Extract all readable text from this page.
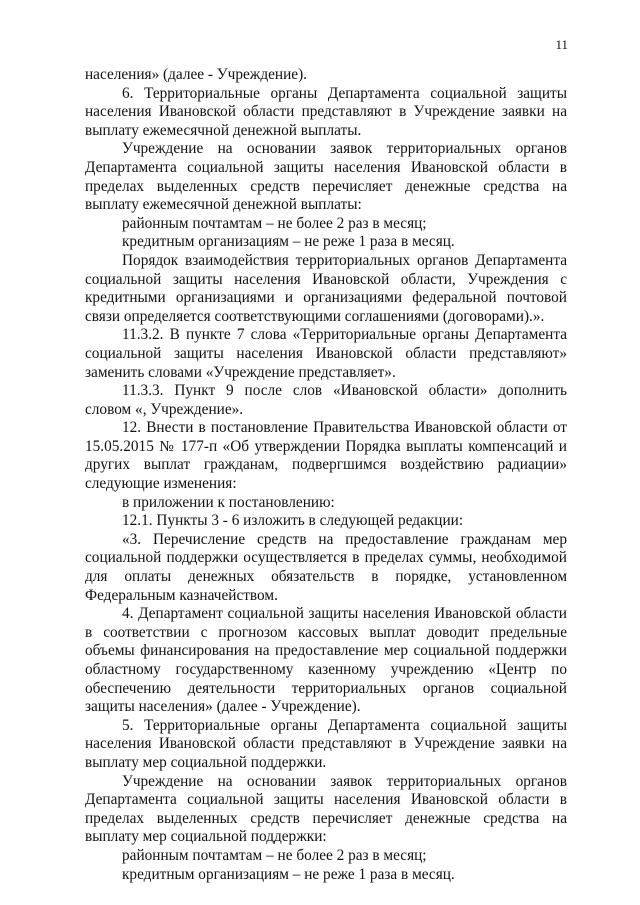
11

населения» (далее - Учреждение).

6. Территориальные органы Департамента социальной защиты населения Ивановской области представляют в Учреждение заявки на выплату ежемесячной денежной выплаты.

Учреждение на основании заявок территориальных органов Департамента социальной защиты населения Ивановской области в пределах выделенных средств перечисляет денежные средства на выплату ежемесячной денежной выплаты:

районным почтамтам – не более 2 раз в месяц;

кредитным организациям – не реже 1 раза в месяц.

Порядок взаимодействия территориальных органов Департамента социальной защиты населения Ивановской области, Учреждения с кредитными организациями и организациями федеральной почтовой связи определяется соответствующими соглашениями (договорами).».

11.3.2. В пункте 7 слова «Территориальные органы Департамента социальной защиты населения Ивановской области представляют» заменить словами «Учреждение представляет».

11.3.3. Пункт 9 после слов «Ивановской области» дополнить словом «, Учреждение».

12. Внести в постановление Правительства Ивановской области от 15.05.2015 № 177-п «Об утверждении Порядка выплаты компенсаций и других выплат гражданам, подвергшимся воздействию радиации» следующие изменения:

в приложении к постановлению:

12.1. Пункты 3 - 6 изложить в следующей редакции:

«3. Перечисление средств на предоставление гражданам мер социальной поддержки осуществляется в пределах суммы, необходимой для оплаты денежных обязательств в порядке, установленном Федеральным казначейством.

4. Департамент социальной защиты населения Ивановской области в соответствии с прогнозом кассовых выплат доводит предельные объемы финансирования на предоставление мер социальной поддержки областному государственному казенному учреждению «Центр по обеспечению деятельности территориальных органов социальной защиты населения» (далее - Учреждение).

5. Территориальные органы Департамента социальной защиты населения Ивановской области представляют в Учреждение заявки на выплату мер социальной поддержки.

Учреждение на основании заявок территориальных органов Департамента социальной защиты населения Ивановской области в пределах выделенных средств перечисляет денежные средства на выплату мер социальной поддержки:

районным почтамтам – не более 2 раз в месяц;

кредитным организациям – не реже 1 раза в месяц.
